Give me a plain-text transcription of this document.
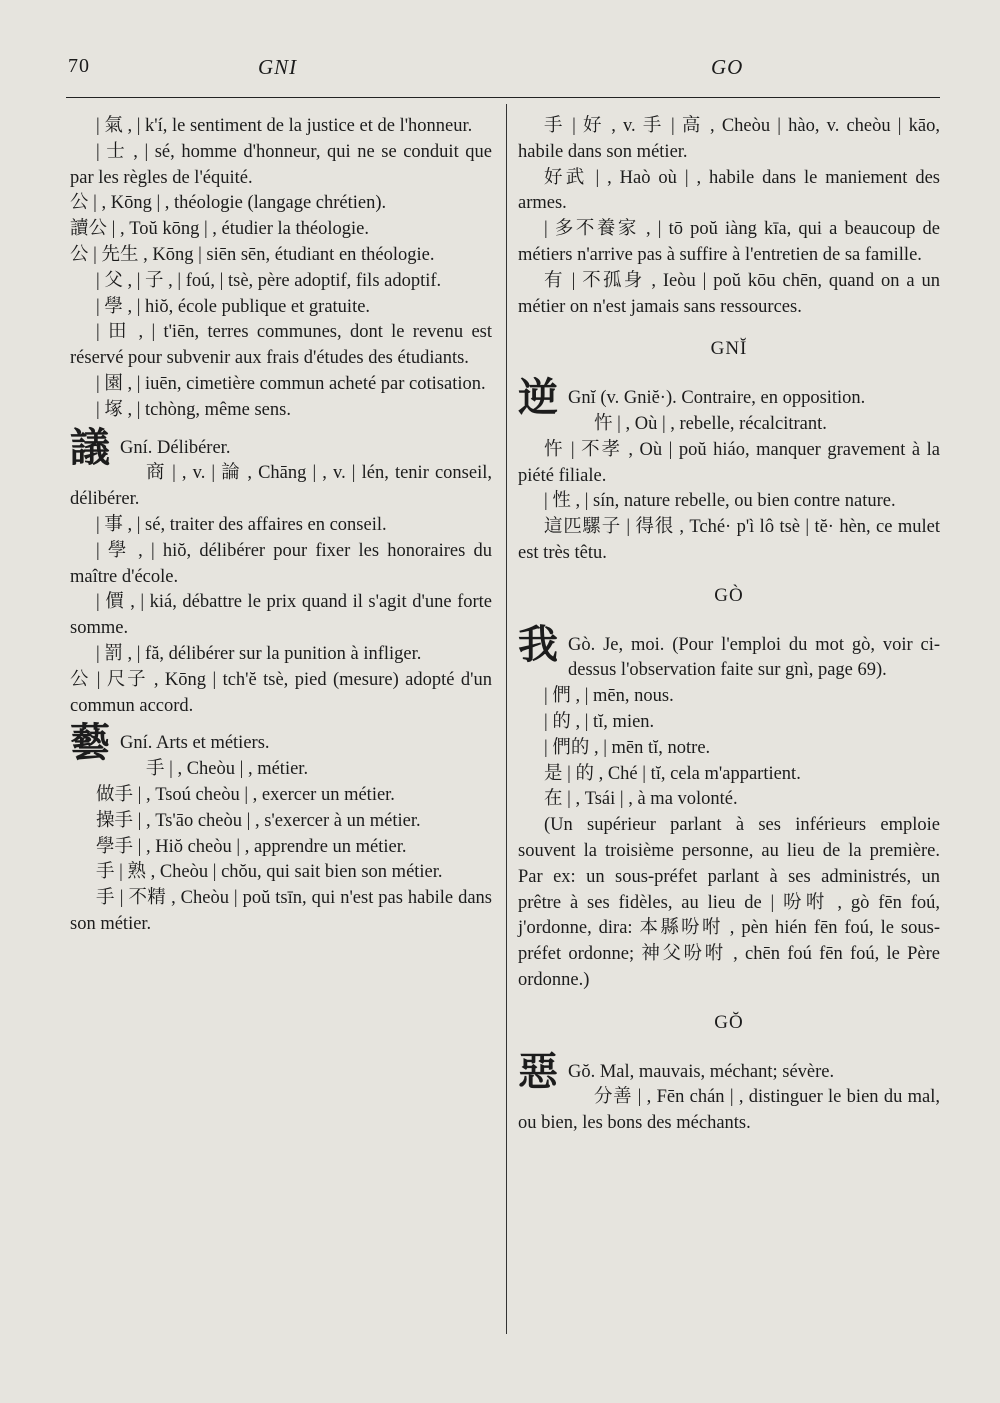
70	GNI	GO

| 氣 , | k'í, le sentiment de la justice et de l'honneur.

| 士 , | sé, homme d'honneur, qui ne se conduit que par les règles de l'équité.

公 | , Kōng | , théologie (langage chrétien).

讀公 | , Toŭ kōng | , étudier la théologie.

公 | 先生 , Kōng | siēn sēn, étudiant en théologie.

| 父 , | 子 , | foú, | tsè, père adoptif, fils adoptif.

| 學 , | hiŏ, école publique et gratuite.

| 田 , | t'iēn, terres communes, dont le revenu est réservé pour subvenir aux frais d'études des étudiants.

| 園 , | iuēn, cimetière commun acheté par cotisation.

| 塚 , | tchòng, même sens.

議 Gní. Délibérer.

商 | , v. | 論 , Chāng | , v. | lén, tenir conseil, délibérer.

| 事 , | sé, traiter des affaires en conseil.

| 學 , | hiŏ, délibérer pour fixer les honoraires du maître d'école.

| 價 , | kiá, débattre le prix quand il s'agit d'une forte somme.

| 罰 , | fă, délibérer sur la punition à infliger.

公 | 尺子 , Kōng | tch'ĕ tsè, pied (mesure) adopté d'un commun accord.

藝 Gní. Arts et métiers.

手 | , Cheòu | , métier.

做手 | , Tsoú cheòu | , exercer un métier.

操手 | , Ts'āo cheòu | , s'exercer à un métier.

學手 | , Hiŏ cheòu | , apprendre un métier.

手 | 熟 , Cheòu | chŏu, qui sait bien son métier.

手 | 不精 , Cheòu | poŭ tsīn, qui n'est pas habile dans son métier.

手 | 好 , v. 手 | 高 , Cheòu | hào, v. cheòu | kāo, habile dans son métier.

好武 | , Haò où | , habile dans le maniement des armes.

| 多不養家 , | tō poŭ iàng kīa, qui a beaucoup de métiers n'arrive pas à suffire à l'entretien de sa famille.

有 | 不孤身 , Ieòu | poŭ kōu chēn, quand on a un métier on n'est jamais sans ressources.

GNĬ
逆 Gnĭ (v. Gniĕ·). Contraire, en opposition.

忤 | , Où | , rebelle, récalcitrant.

忤 | 不孝 , Où | poŭ hiáo, manquer gravement à la piété filiale.

| 性 , | sín, nature rebelle, ou bien contre nature.

這匹騾子 | 得很 , Tché· p'ì lô tsè | tĕ· hèn, ce mulet est très têtu.

GÒ
我 Gò. Je, moi. (Pour l'emploi du mot gò, voir ci-dessus l'observation faite sur gnì, page 69).

| 們 , | mēn, nous.

| 的 , | tĭ, mien.

| 們的 , | mēn tĭ, notre.

是 | 的 , Ché | tĭ, cela m'appartient.

在 | , Tsái | , à ma volonté.

(Un supérieur parlant à ses inférieurs emploie souvent la troisième personne, au lieu de la première. Par ex: un sous-préfet parlant à ses administrés, un prêtre à ses fidèles, au lieu de | 吩咐 , gò fēn foú, j'ordonne, dira: 本縣吩咐 , pèn hién fēn foú, le sous-préfet ordonne; 神父吩咐 , chēn foú fēn foú, le Père ordonne.)

GŎ
惡 Gŏ. Mal, mauvais, méchant; sévère.

分善 | , Fēn chán | , distinguer le bien du mal, ou bien, les bons des méchants.
